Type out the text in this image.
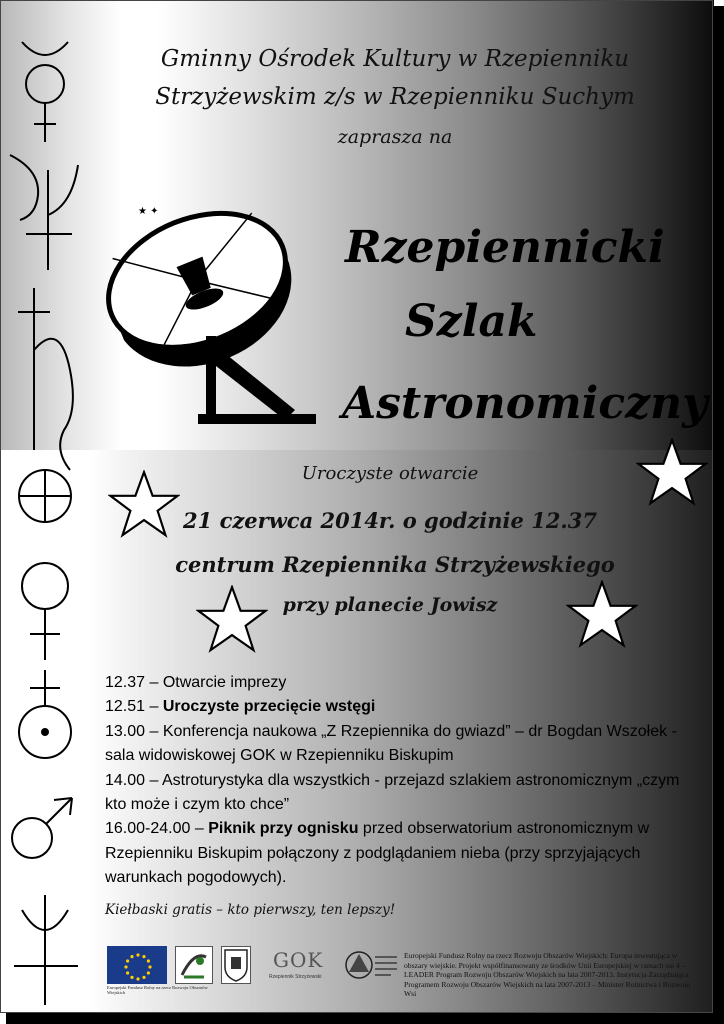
Gminny Ośrodek Kultury w Rzepienniku
Strzyżewskim z/s w Rzepienniku Suchym
zaprasza na
★ ✦
Rzepiennicki
Szlak
Astronomiczny
Uroczyste otwarcie
21 czerwca 2014r. o godzinie 12.37
centrum Rzepiennika Strzyżewskiego
przy planecie Jowisz

12.37 – Otwarcie imprezy

12.51 – Uroczyste przecięcie wstęgi

13.00 – Konferencja naukowa „Z Rzepiennika do gwiazd” – dr Bogdan Wszołek - sala widowiskowej GOK w Rzepienniku Biskupim

14.00 – Astroturystyka dla wszystkich - przejazd szlakiem astronomicznym „czym kto może i czym kto chce”

16.00-24.00 – Piknik przy ognisku przed obserwatorium astronomicznym w Rzepienniku Biskupim połączony z podglądaniem nieba (przy sprzyjających warunkach pogodowych).

Kiełbaski gratis – kto pierwszy, ten lepszy!
GOK
Rzepiennik Strzyżewski
Europejski Fundusz Rolny na rzecz Rozwoju Obszarów Wiejskich
Europejski Fundusz Rolny na rzecz Rozwoju Obszarów Wiejskich: Europa inwestująca w obszary wiejskie. Projekt współfinansowany ze środków Unii Europejskiej w ramach osi 4 – LEADER Program Rozwoju Obszarów Wiejskich na lata 2007-2013. Instytucja Zarządzająca Programem Rozwoju Obszarów Wiejskich na lata 2007-2013 – Minister Rolnictwa i Rozwoju Wsi
